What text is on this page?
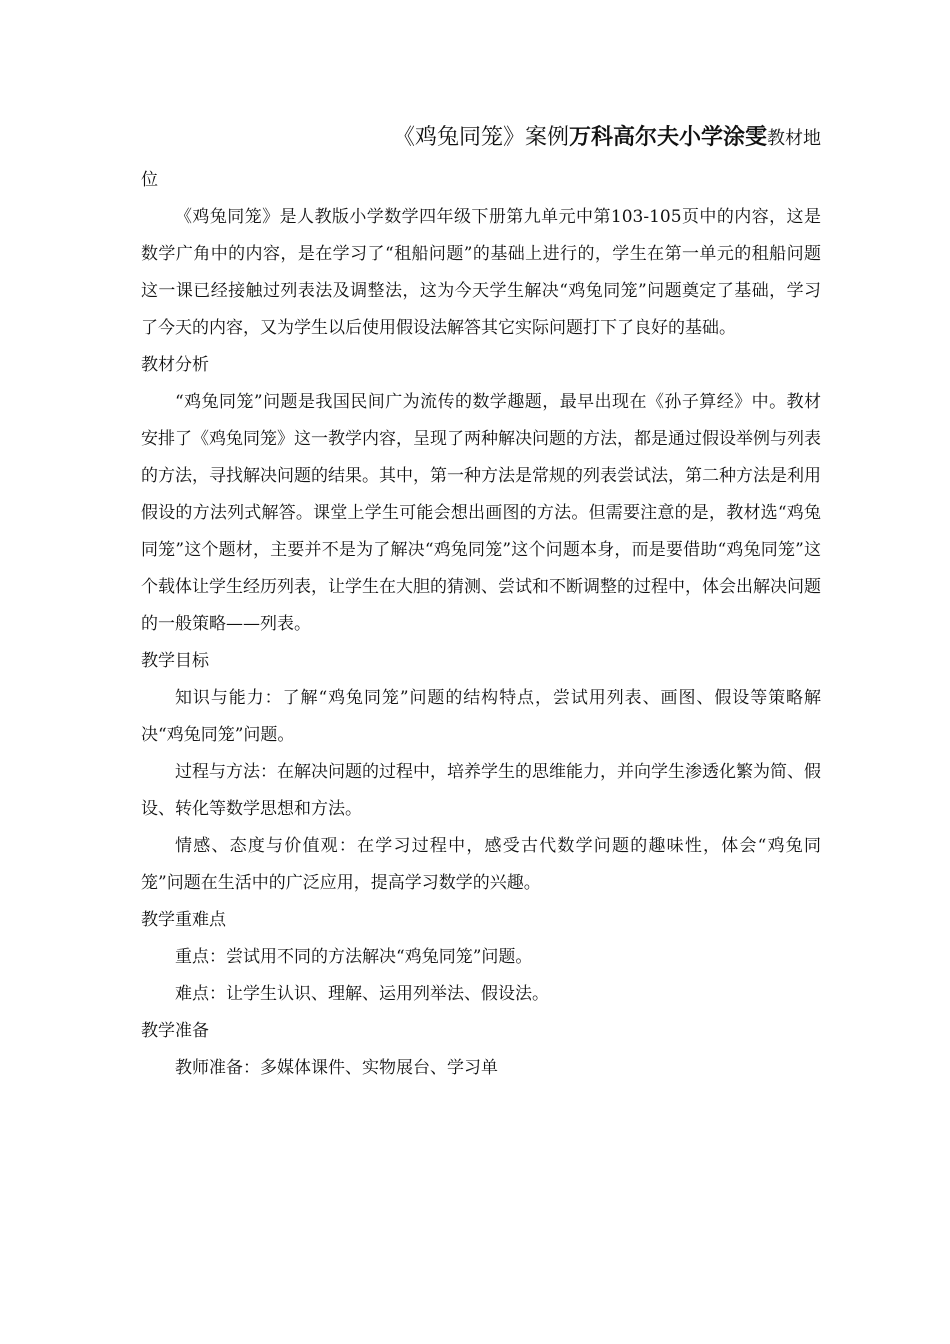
《鸡兔同笼》案例万科高尔夫小学涂雯教材地
位

《鸡兔同笼》是人教版小学数学四年级下册第九单元中第103-105页中的内容，这是数学广角中的内容，是在学习了“租船问题”的基础上进行的，学生在第一单元的租船问题这一课已经接触过列表法及调整法，这为今天学生解决“鸡兔同笼”问题奠定了基础，学习了今天的内容，又为学生以后使用假设法解答其它实际问题打下了良好的基础。

教材分析

“鸡兔同笼”问题是我国民间广为流传的数学趣题，最早出现在《孙子算经》中。教材安排了《鸡兔同笼》这一教学内容，呈现了两种解决问题的方法，都是通过假设举例与列表的方法，寻找解决问题的结果。其中，第一种方法是常规的列表尝试法，第二种方法是利用假设的方法列式解答。课堂上学生可能会想出画图的方法。但需要注意的是，教材选“鸡兔同笼”这个题材，主要并不是为了解决“鸡兔同笼”这个问题本身，而是要借助“鸡兔同笼”这个载体让学生经历列表，让学生在大胆的猜测、尝试和不断调整的过程中，体会出解决问题的一般策略——列表。

教学目标

知识与能力：了解“鸡兔同笼”问题的结构特点，尝试用列表、画图、假设等策略解决“鸡兔同笼”问题。

过程与方法：在解决问题的过程中，培养学生的思维能力，并向学生渗透化繁为简、假设、转化等数学思想和方法。

情感、态度与价值观：在学习过程中，感受古代数学问题的趣味性，体会“鸡兔同笼”问题在生活中的广泛应用，提高学习数学的兴趣。

教学重难点

重点：尝试用不同的方法解决“鸡兔同笼”问题。

难点：让学生认识、理解、运用列举法、假设法。

教学准备

教师准备：多媒体课件、实物展台、学习单
